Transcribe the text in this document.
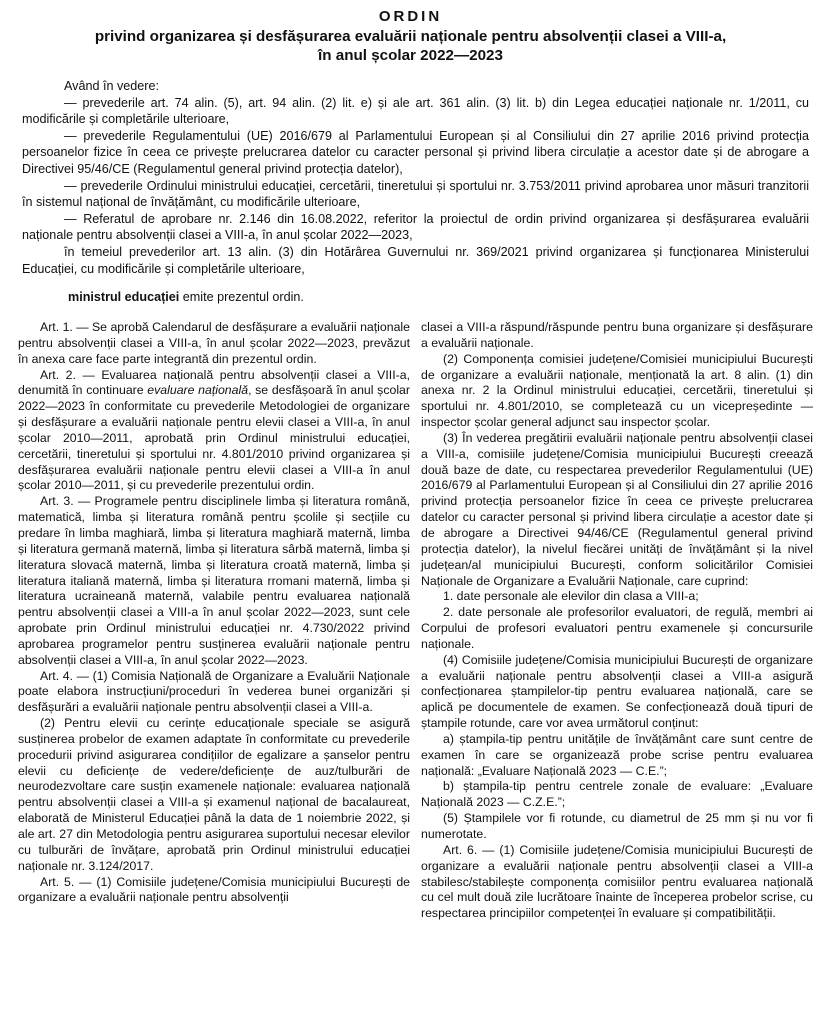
ORDIN
privind organizarea și desfășurarea evaluării naționale pentru absolvenții clasei a VIII-a,
în anul școlar 2022—2023

Având în vedere:

— prevederile art. 74 alin. (5), art. 94 alin. (2) lit. e) și ale art. 361 alin. (3) lit. b) din Legea educației naționale nr. 1/2011, cu modificările și completările ulterioare,

— prevederile Regulamentului (UE) 2016/679 al Parlamentului European și al Consiliului din 27 aprilie 2016 privind protecția persoanelor fizice în ceea ce privește prelucrarea datelor cu caracter personal și privind libera circulație a acestor date și de abrogare a Directivei 95/46/CE (Regulamentul general privind protecția datelor),

— prevederile Ordinului ministrului educației, cercetării, tineretului și sportului nr. 3.753/2011 privind aprobarea unor măsuri tranzitorii în sistemul național de învățământ, cu modificările ulterioare,

— Referatul de aprobare nr. 2.146 din 16.08.2022, referitor la proiectul de ordin privind organizarea și desfășurarea evaluării naționale pentru absolvenții clasei a VIII-a, în anul școlar 2022—2023,

în temeiul prevederilor art. 13 alin. (3) din Hotărârea Guvernului nr. 369/2021 privind organizarea și funcționarea Ministerului Educației, cu modificările și completările ulterioare,

ministrul educației emite prezentul ordin.

Art. 1. — Se aprobă Calendarul de desfășurare a evaluării naționale pentru absolvenții clasei a VIII-a, în anul școlar 2022—2023, prevăzut în anexa care face parte integrantă din prezentul ordin.

Art. 2. — Evaluarea națională pentru absolvenții clasei a VIII-a, denumită în continuare evaluare națională, se desfășoară în anul școlar 2022—2023 în conformitate cu prevederile Metodologiei de organizare și desfășurare a evaluării naționale pentru elevii clasei a VIII-a, în anul școlar 2010—2011, aprobată prin Ordinul ministrului educației, cercetării, tineretului și sportului nr. 4.801/2010 privind organizarea și desfășurarea evaluării naționale pentru elevii clasei a VIII-a în anul școlar 2010—2011, și cu prevederile prezentului ordin.

Art. 3. — Programele pentru disciplinele limba și literatura română, matematică, limba și literatura română pentru școlile și secțiile cu predare în limba maghiară, limba și literatura maghiară maternă, limba și literatura germană maternă, limba și literatura sârbă maternă, limba și literatura slovacă maternă, limba și literatura croată maternă, limba și literatura italiană maternă, limba și literatura rromani maternă, limba și literatura ucraineană maternă, valabile pentru evaluarea națională pentru absolvenții clasei a VIII-a în anul școlar 2022—2023, sunt cele aprobate prin Ordinul ministrului educației nr. 4.730/2022 privind aprobarea programelor pentru susținerea evaluării naționale pentru absolvenții clasei a VIII-a, în anul școlar 2022—2023.

Art. 4. — (1) Comisia Națională de Organizare a Evaluării Naționale poate elabora instrucțiuni/proceduri în vederea bunei organizări și desfășurări a evaluării naționale pentru absolvenții clasei a VIII-a.

(2) Pentru elevii cu cerințe educaționale speciale se asigură susținerea probelor de examen adaptate în conformitate cu prevederile procedurii privind asigurarea condițiilor de egalizare a șanselor pentru elevii cu deficiențe de vedere/deficiențe de auz/tulburări de neurodezvoltare care susțin examenele naționale: evaluarea națională pentru absolvenții clasei a VIII-a și examenul național de bacalaureat, elaborată de Ministerul Educației până la data de 1 noiembrie 2022, și ale art. 27 din Metodologia pentru asigurarea suportului necesar elevilor cu tulburări de învățare, aprobată prin Ordinul ministrului educației naționale nr. 3.124/2017.

Art. 5. — (1) Comisiile județene/Comisia municipiului București de organizare a evaluării naționale pentru absolvenții

clasei a VIII-a răspund/răspunde pentru buna organizare și desfășurare a evaluării naționale.

(2) Componența comisiei județene/Comisiei municipiului București de organizare a evaluării naționale, menționată la art. 8 alin. (1) din anexa nr. 2 la Ordinul ministrului educației, cercetării, tineretului și sportului nr. 4.801/2010, se completează cu un vicepreședinte — inspector școlar general adjunct sau inspector școlar.

(3) În vederea pregătirii evaluării naționale pentru absolvenții clasei a VIII-a, comisiile județene/Comisia municipiului București creează două baze de date, cu respectarea prevederilor Regulamentului (UE) 2016/679 al Parlamentului European și al Consiliului din 27 aprilie 2016 privind protecția persoanelor fizice în ceea ce privește prelucrarea datelor cu caracter personal și privind libera circulație a acestor date și de abrogare a Directivei 94/46/CE (Regulamentul general privind protecția datelor), la nivelul fiecărei unități de învățământ și la nivel județean/al municipiului București, conform solicitărilor Comisiei Naționale de Organizare a Evaluării Naționale, care cuprind:

1. date personale ale elevilor din clasa a VIII-a;

2. date personale ale profesorilor evaluatori, de regulă, membri ai Corpului de profesori evaluatori pentru examenele și concursurile naționale.

(4) Comisiile județene/Comisia municipiului București de organizare a evaluării naționale pentru absolvenții clasei a VIII-a asigură confecționarea ștampilelor-tip pentru evaluarea națională, care se aplică pe documentele de examen. Se confecționează două tipuri de ștampile rotunde, care vor avea următorul conținut:

a) ștampila-tip pentru unitățile de învățământ care sunt centre de examen în care se organizează probe scrise pentru evaluarea națională: „Evaluare Națională 2023 — C.E.”;

b) ștampila-tip pentru centrele zonale de evaluare: „Evaluare Națională 2023 — C.Z.E.”;

(5) Ștampilele vor fi rotunde, cu diametrul de 25 mm și nu vor fi numerotate.

Art. 6. — (1) Comisiile județene/Comisia municipiului București de organizare a evaluării naționale pentru absolvenții clasei a VIII-a stabilesc/stabilește componența comisiilor pentru evaluarea națională cu cel mult două zile lucrătoare înainte de începerea probelor scrise, cu respectarea principiilor competenței în evaluare și compatibilității.
